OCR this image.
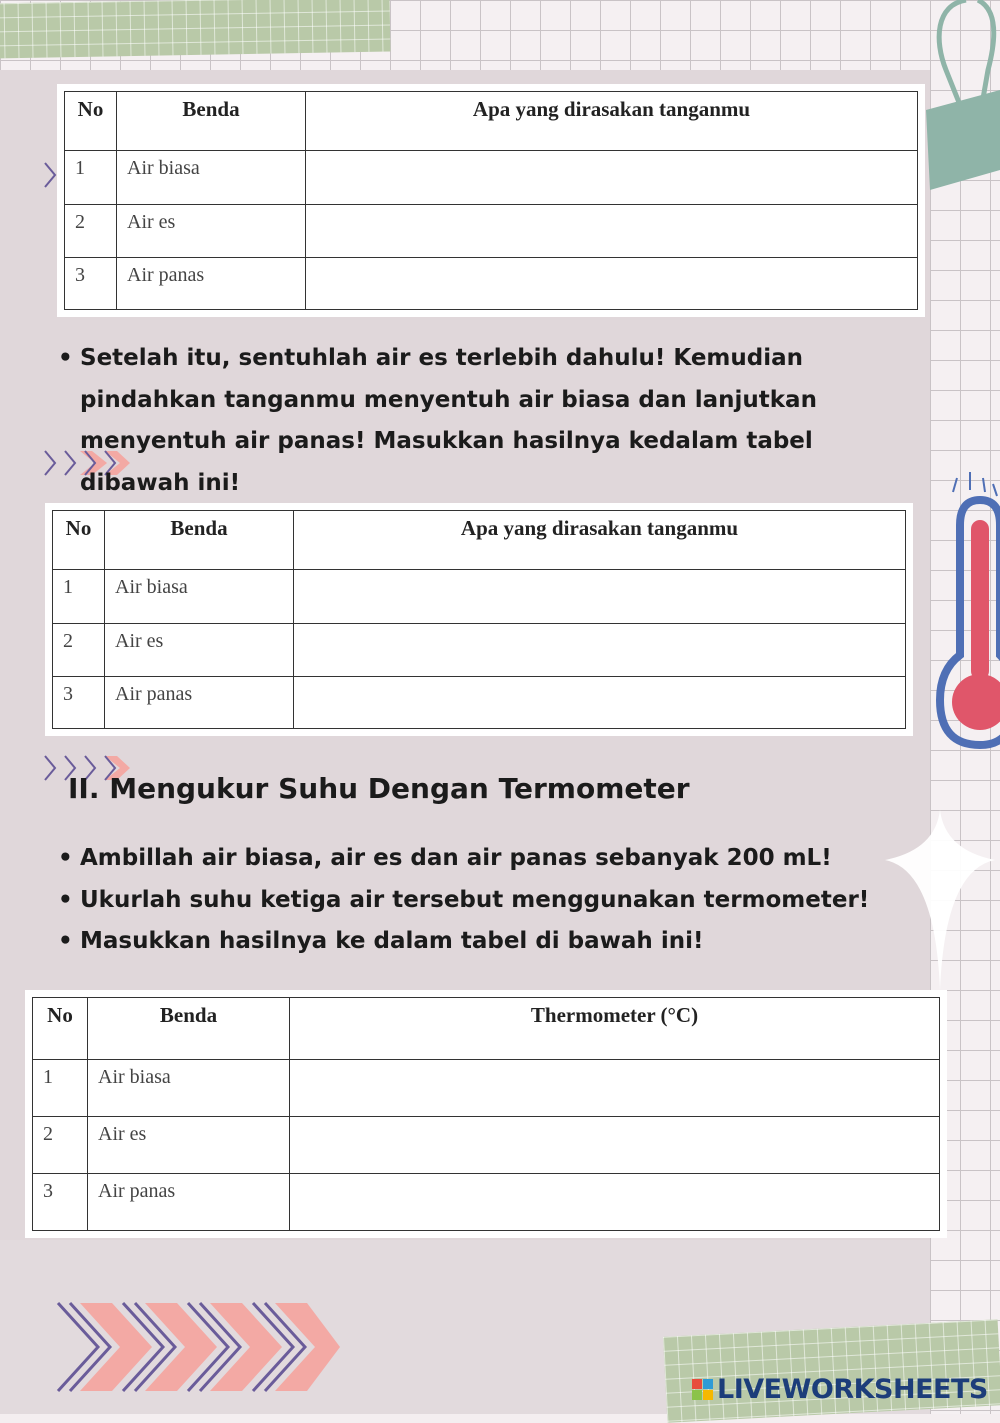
No	Benda	Apa yang dirasakan tanganmu
1	Air biasa	
2	Air es	
3	Air panas	
• Setelah itu, sentuhlah air es terlebih dahulu! Kemudian pindahkan tanganmu menyentuh air biasa dan lanjutkan menyentuh air panas! Masukkan hasilnya kedalam tabel dibawah ini!
No	Benda	Apa yang dirasakan tanganmu
1	Air biasa	
2	Air es	
3	Air panas	
II. Mengukur Suhu Dengan Termometer
• Ambillah air biasa, air es dan air panas sebanyak 200 mL!
• Ukurlah suhu ketiga air tersebut menggunakan termometer!
• Masukkan hasilnya ke dalam tabel di bawah ini!
No	Benda	Thermometer (°C)
1	Air biasa	
2	Air es	
3	Air panas	
LIVEWORKSHEETS
